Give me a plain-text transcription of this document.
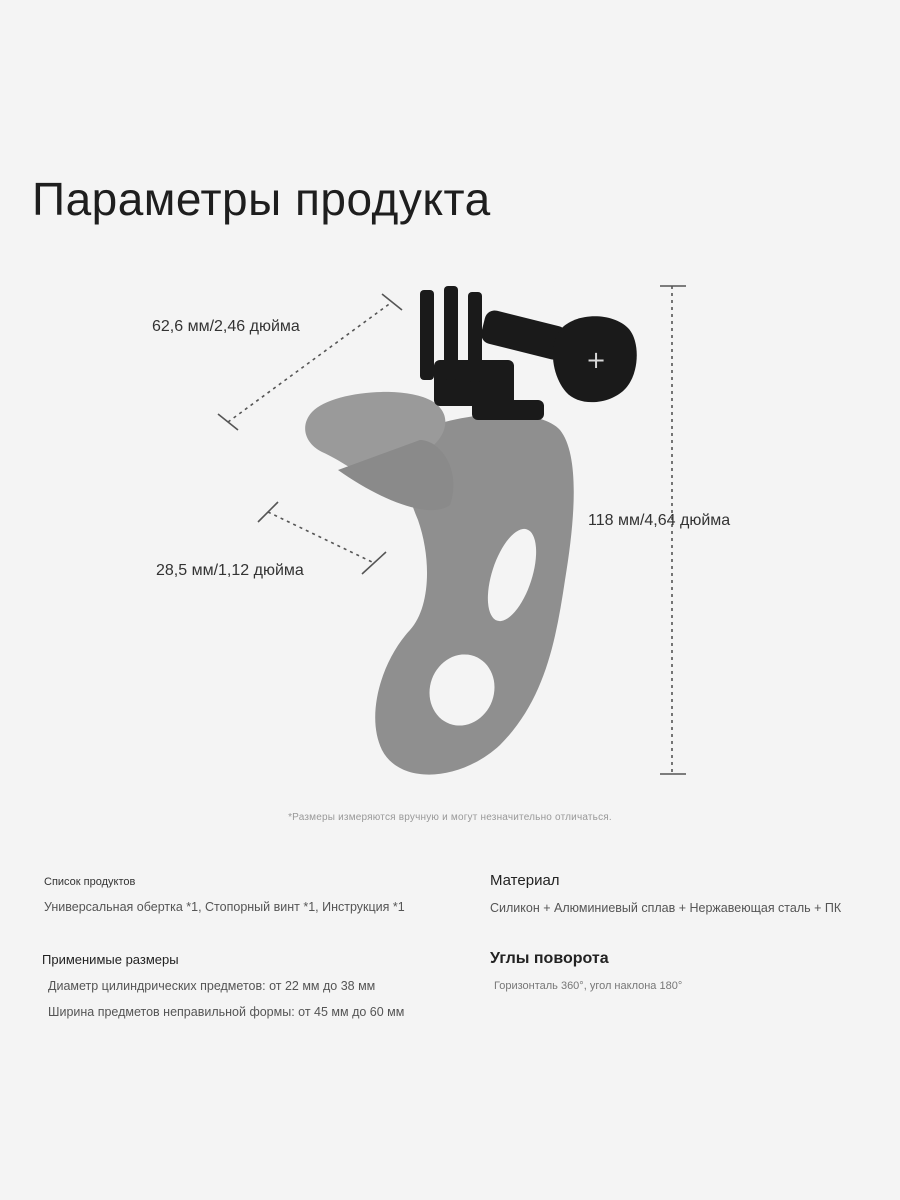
Параметры продукта
+
62,6 мм/2,46 дюйма
118 мм/4,64 дюйма
28,5 мм/1,12 дюйма
*Размеры измеряются вручную и могут незначительно отличаться.

Список продуктов

Универсальная обертка *1, Стопорный винт *1, Инструкция *1

Применимые размеры

Диаметр цилиндрических предметов: от 22 мм до 38 мм

Ширина предметов неправильной формы: от 45 мм до 60 мм

Материал

Силикон + Алюминиевый сплав + Нержавеющая сталь + ПК

Углы поворота

Горизонталь 360°, угол наклона 180°
